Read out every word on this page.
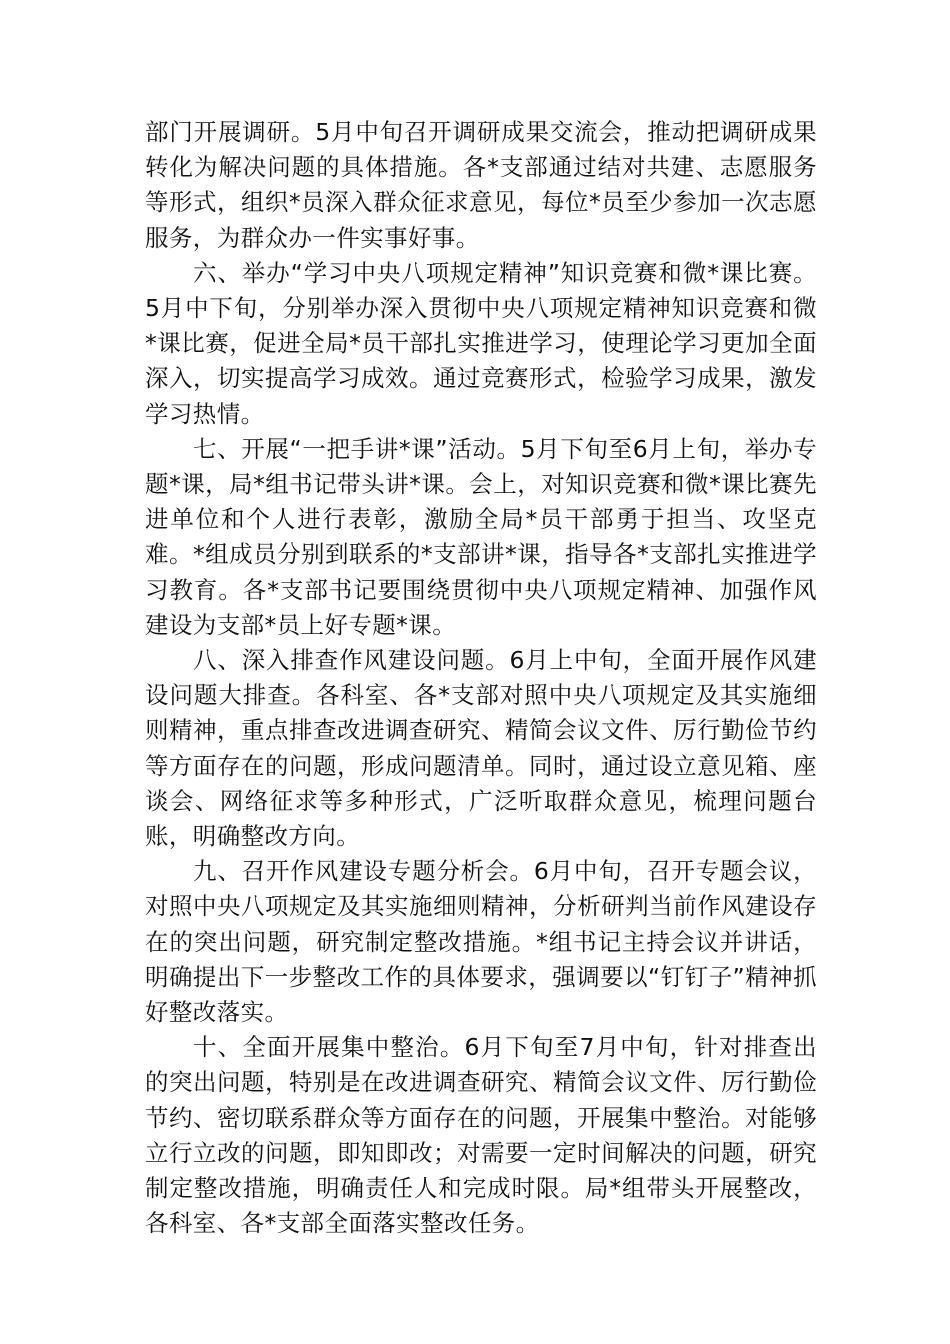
部门开展调研。5月中旬召开调研成果交流会，推动把调研成果转化为解决问题的具体措施。各*支部通过结对共建、志愿服务等形式，组织*员深入群众征求意见，每位*员至少参加一次志愿服务，为群众办一件实事好事。

六、举办“学习中央八项规定精神”知识竞赛和微*课比赛。5月中下旬，分别举办深入贯彻中央八项规定精神知识竞赛和微*课比赛，促进全局*员干部扎实推进学习，使理论学习更加全面深入，切实提高学习成效。通过竞赛形式，检验学习成果，激发学习热情。

七、开展“一把手讲*课”活动。5月下旬至6月上旬，举办专题*课，局*组书记带头讲*课。会上，对知识竞赛和微*课比赛先进单位和个人进行表彰，激励全局*员干部勇于担当、攻坚克难。*组成员分别到联系的*支部讲*课，指导各*支部扎实推进学习教育。各*支部书记要围绕贯彻中央八项规定精神、加强作风建设为支部*员上好专题*课。

八、深入排查作风建设问题。6月上中旬，全面开展作风建设问题大排查。各科室、各*支部对照中央八项规定及其实施细则精神，重点排查改进调查研究、精简会议文件、厉行勤俭节约等方面存在的问题，形成问题清单。同时，通过设立意见箱、座谈会、网络征求等多种形式，广泛听取群众意见，梳理问题台账，明确整改方向。

九、召开作风建设专题分析会。6月中旬，召开专题会议，对照中央八项规定及其实施细则精神，分析研判当前作风建设存在的突出问题，研究制定整改措施。*组书记主持会议并讲话，明确提出下一步整改工作的具体要求，强调要以“钉钉子”精神抓好整改落实。

十、全面开展集中整治。6月下旬至7月中旬，针对排查出的突出问题，特别是在改进调查研究、精简会议文件、厉行勤俭节约、密切联系群众等方面存在的问题，开展集中整治。对能够立行立改的问题，即知即改；对需要一定时间解决的问题，研究制定整改措施，明确责任人和完成时限。局*组带头开展整改，各科室、各*支部全面落实整改任务。
